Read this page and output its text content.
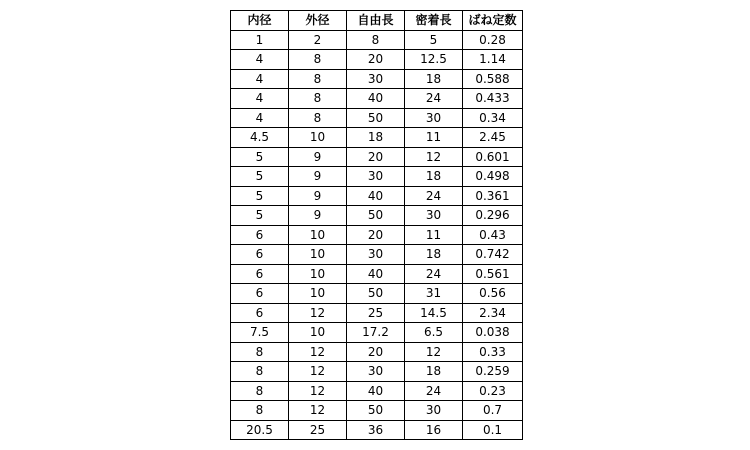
内径	外径	自由長	密着長	ばね定数
1	2	8	5	0.28
4	8	20	12.5	1.14
4	8	30	18	0.588
4	8	40	24	0.433
4	8	50	30	0.34
4.5	10	18	11	2.45
5	9	20	12	0.601
5	9	30	18	0.498
5	9	40	24	0.361
5	9	50	30	0.296
6	10	20	11	0.43
6	10	30	18	0.742
6	10	40	24	0.561
6	10	50	31	0.56
6	12	25	14.5	2.34
7.5	10	17.2	6.5	0.038
8	12	20	12	0.33
8	12	30	18	0.259
8	12	40	24	0.23
8	12	50	30	0.7
20.5	25	36	16	0.1
